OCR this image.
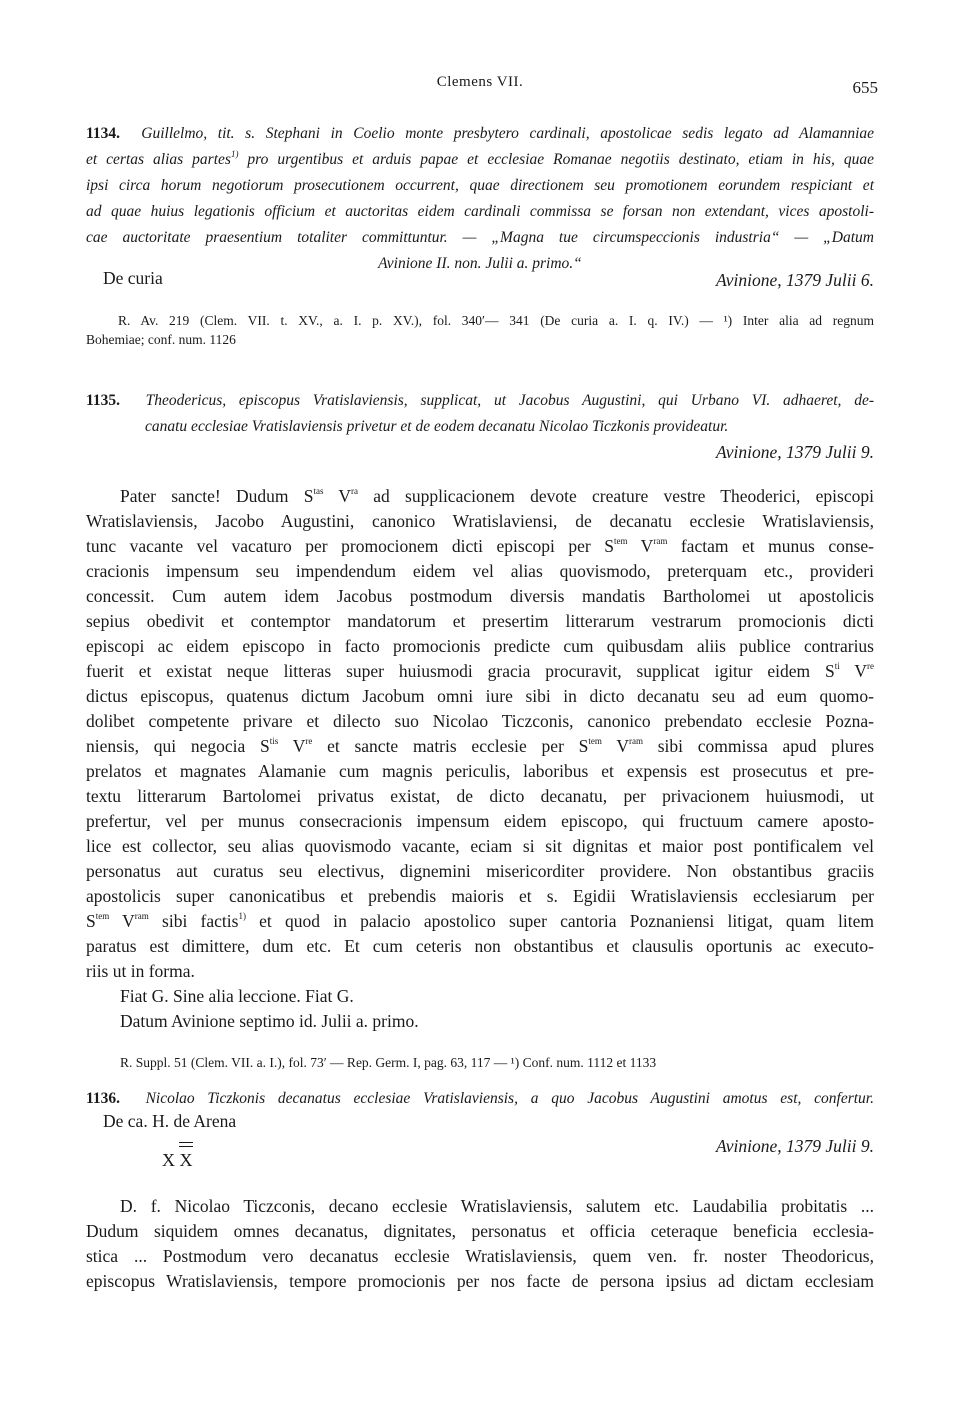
Clemens VII.	655
1134. Guillelmo, tit. s. Stephani in Coelio monte presbytero cardinali, apostolicae sedis legato ad Alamanniae
et certas alias partes$^{1)}$ pro urgentibus et arduis papae et ecclesiae Romanae negotiis destinato, etiam in his, quae
ipsi circa horum negotiorum prosecutionem occurrent, quae directionem seu promotionem eorundem respiciant et
ad quae huius legationis officium et auctoritas eidem cardinali commissa se forsan non extendant, vices apostoli-
cae auctoritate praesentium totaliter committuntur. — „Magna tue circumspeccionis industria“ — „Datum
Avinione II. non. Julii a. primo.“
De curia	Avinione, 1379 Julii 6.
R. Av. 219 (Clem. VII. t. XV., a. I. p. XV.), fol. 340′— 341 (De curia a. I. q. IV.) — ¹) Inter alia ad regnum
Bohemiae; conf. num. 1126
1135. Theodericus, episcopus Vratislaviensis, supplicat, ut Jacobus Augustini, qui Urbano VI. adhaeret, de-
canatu ecclesiae Vratislaviensis privetur et de eodem decanatu Nicolao Ticzkonis provideatur.
Avinione, 1379 Julii 9.
Pater sancte! Dudum $S^{tas}$ $V^{ra}$ ad supplicacionem devote creature vestre Theoderici, episcopi
Wratislaviensis, Jacobo Augustini, canonico Wratislaviensi, de decanatu ecclesie Wratislaviensis,
tunc vacante vel vacaturo per promocionem dicti episcopi per $S^{tem}$ $V^{ram}$ factam et munus conse-
cracionis impensum seu impendendum eidem vel alias quovismodo, preterquam etc., provideri
concessit. Cum autem idem Jacobus postmodum diversis mandatis Bartholomei ut apostolicis
sepius obedivit et contemptor mandatorum et presertim litterarum vestrarum promocionis dicti
episcopi ac eidem episcopo in facto promocionis predicte cum quibusdam aliis publice contrarius
fuerit et existat neque litteras super huiusmodi gracia procuravit, supplicat igitur eidem $S^{ti}$ Vre
dictus episcopus, quatenus dictum Jacobum omni iure sibi in dicto decanatu seu ad eum quomo-
dolibet competente privare et dilecto suo Nicolao Ticzconis, canonico prebendato ecclesie Pozna-
niensis, qui negocia $S^{tis}$ Vre et sancte matris ecclesie per $S^{tem}$ $V^{ram}$ sibi commissa apud plures
prelatos et magnates Alamanie cum magnis periculis, laboribus et expensis est prosecutus et pre-
textu litterarum Bartolomei privatus existat, de dicto decanatu, per privacionem huiusmodi, ut
prefertur, vel per munus consecracionis impensum eidem episcopo, qui fructuum camere aposto-
lice est collector, seu alias quovismodo vacante, eciam si sit dignitas et maior post pontificalem vel
personatus aut curatus seu electivus, dignemini misericorditer providere. Non obstantibus graciis
apostolicis super canonicatibus et prebendis maioris et s. Egidii Wratislaviensis ecclesiarum per
$S^{tem}$ $V^{ram}$ sibi factis$^{1)}$ et quod in palacio apostolico super cantoria Poznaniensi litigat, quam litem
paratus est dimittere, dum etc. Et cum ceteris non obstantibus et clausulis oportunis ac executo-
riis ut in forma.
Fiat G. Sine alia leccione. Fiat G.
Datum Avinione septimo id. Julii a. primo.
R. Suppl. 51 (Clem. VII. a. I.), fol. 73′ — Rep. Germ. I, pag. 63, 117 — ¹) Conf. num. 1112 et 1133
1136. Nicolao Ticzkonis decanatus ecclesiae Vratislaviensis, a quo Jacobus Augustini amotus est, confertur.
De ca. H. de Arena
X X
Avinione, 1379 Julii 9.
D. f. Nicolao Ticzconis, decano ecclesie Wratislaviensis, salutem etc. Laudabilia probitatis ...
Dudum siquidem omnes decanatus, dignitates, personatus et officia ceteraque beneficia ecclesia-
stica ... Postmodum vero decanatus ecclesie Wratislaviensis, quem ven. fr. noster Theodoricus,
episcopus Wratislaviensis, tempore promocionis per nos facte de persona ipsius ad dictam ecclesiam
